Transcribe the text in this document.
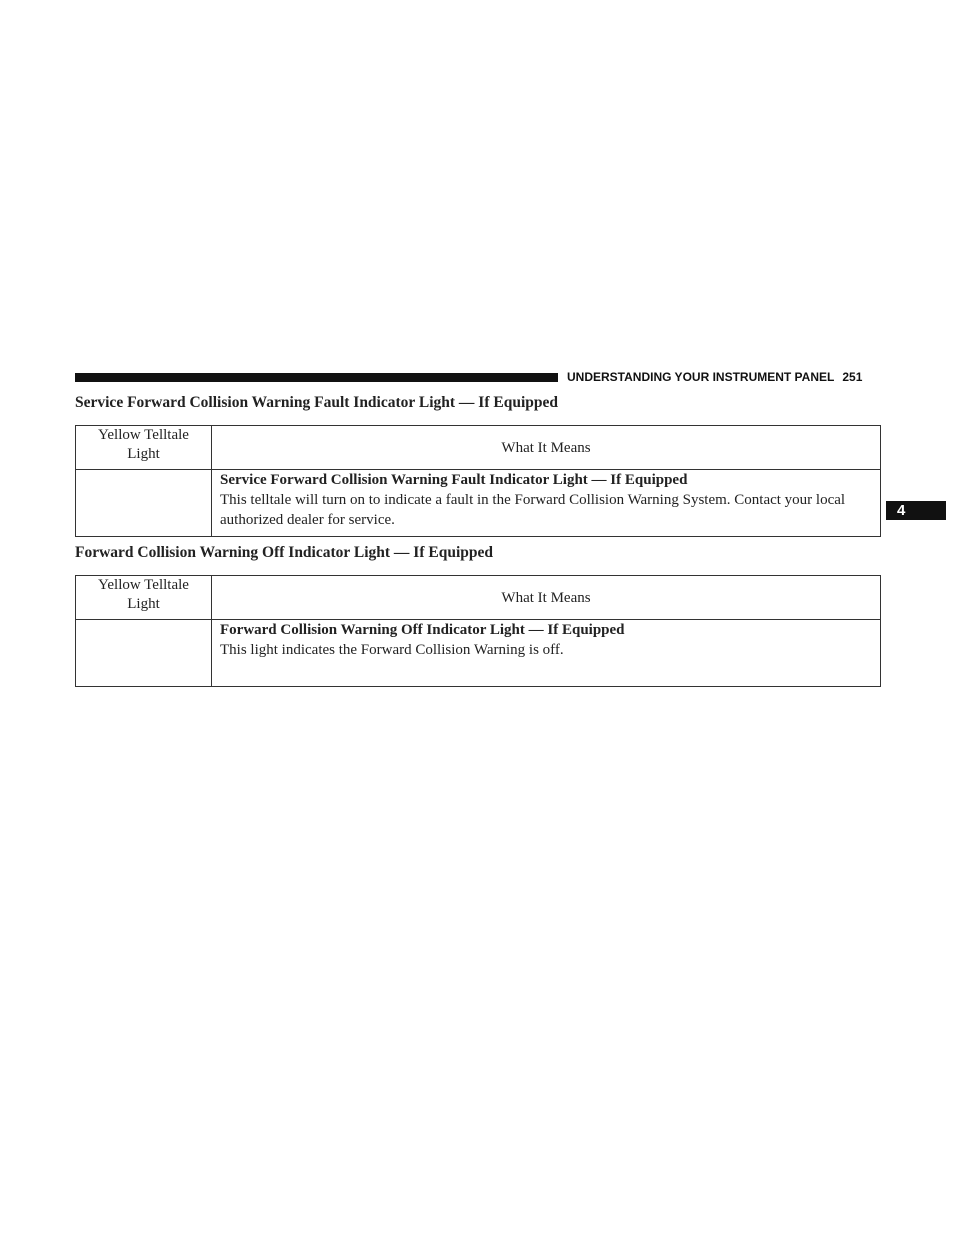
UNDERSTANDING YOUR INSTRUMENT PANEL 251
4
Service Forward Collision Warning Fault Indicator Light — If Equipped
Yellow Telltale
Light	What It Means

	Service Forward Collision Warning Fault Indicator Light — If Equipped
This telltale will turn on to indicate a fault in the Forward Collision Warning System. Contact your local authorized dealer for service.
Forward Collision Warning Off Indicator Light — If Equipped
Yellow Telltale
Light	What It Means

	Forward Collision Warning Off Indicator Light — If Equipped
This light indicates the Forward Collision Warning is off.
